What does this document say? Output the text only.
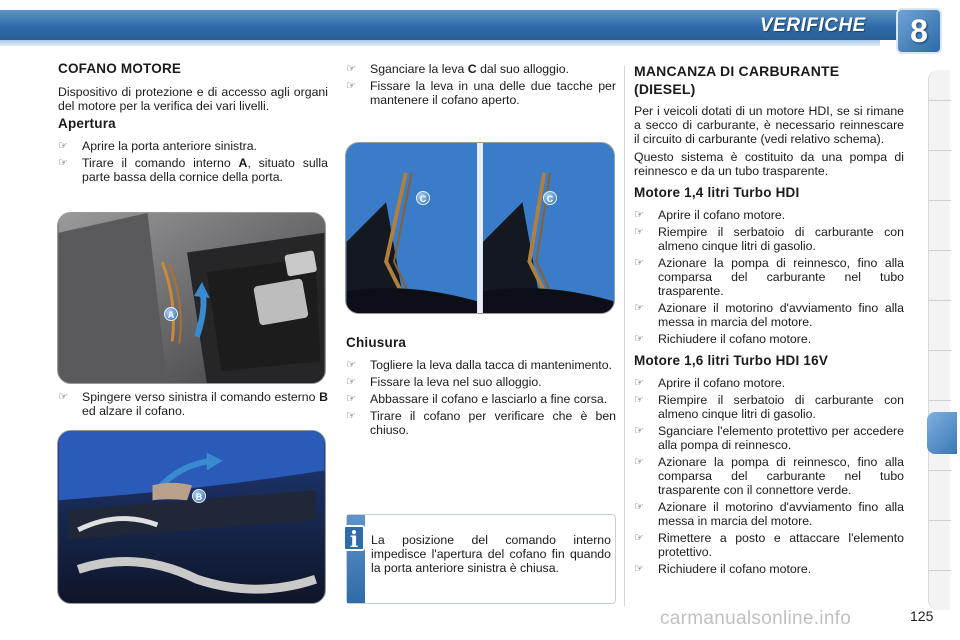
VERIFICHE	8
COFANO MOTORE

Dispositivo di protezione e di accesso agli organi del motore per la verifica dei vari livelli.

Apertura
☞ Aprire la porta anteriore sinistra.
☞ Tirare il comando interno A, situato sulla parte bassa della cornice della porta.
A
☞ Spingere verso sinistra il comando esterno B ed alzare il cofano.
B
☞ Sganciare la leva C dal suo alloggio.
☞ Fissare la leva in una delle due tacche per mantenere il cofano aperto.
C	C
Chiusura
☞ Togliere la leva dalla tacca di mantenimento.
☞ Fissare la leva nel suo alloggio.
☞ Abbassare il cofano e lasciarlo a fine corsa.
☞ Tirare il cofano per verificare che è ben chiuso.
i	La posizione del comando interno impedisce l'apertura del cofano fin quando la porta anteriore sinistra è chiusa.
MANCANZA DI CARBURANTE (DIESEL)

Per i veicoli dotati di un motore HDI, se si rimane a secco di carburante, è necessario reinnescare il circuito di carburante (vedi relativo schema).

Questo sistema è costituito da una pompa di reinnesco e da un tubo trasparente.

Motore 1,4 litri Turbo HDI
☞ Aprire il cofano motore.
☞ Riempire il serbatoio di carburante con almeno cinque litri di gasolio.
☞ Azionare la pompa di reinnesco, fino alla comparsa del carburante nel tubo trasparente.
☞ Azionare il motorino d'avviamento fino alla messa in marcia del motore.
☞ Richiudere il cofano motore.
Motore 1,6 litri Turbo HDI 16V
☞ Aprire il cofano motore.
☞ Riempire il serbatoio di carburante con almeno cinque litri di gasolio.
☞ Sganciare l'elemento protettivo per accedere alla pompa di reinnesco.
☞ Azionare la pompa di reinnesco, fino alla comparsa del carburante nel tubo trasparente con il connettore verde.
☞ Azionare il motorino d'avviamento fino alla messa in marcia del motore.
☞ Rimettere a posto e attaccare l'elemento protettivo.
☞ Richiudere il cofano motore.
carmanualsonline.info	125
